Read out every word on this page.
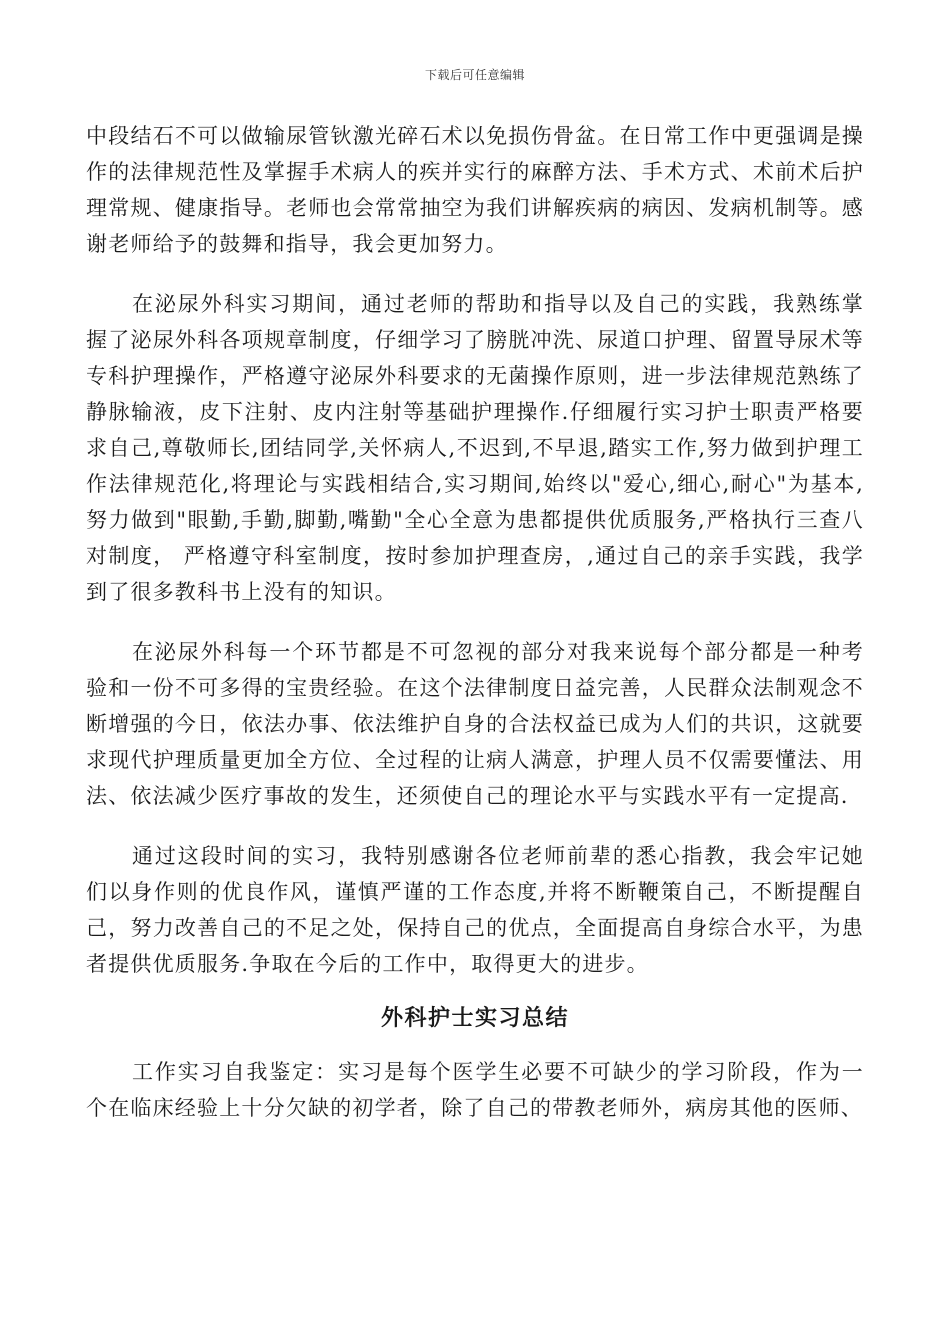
下载后可任意编辑

中段结石不可以做输尿管钬激光碎石术以免损伤骨盆。在日常工作中更强调是操作的法律规范性及掌握手术病人的疾并实行的麻醉方法、手术方式、术前术后护理常规、健康指导。老师也会常常抽空为我们讲解疾病的病因、发病机制等。感谢老师给予的鼓舞和指导，我会更加努力。

在泌尿外科实习期间，通过老师的帮助和指导以及自己的实践，我熟练掌握了泌尿外科各项规章制度，仔细学习了膀胱冲洗、尿道口护理、留置导尿术等专科护理操作，严格遵守泌尿外科要求的无菌操作原则，进一步法律规范熟练了静脉输液，皮下注射、皮内注射等基础护理操作.仔细履行实习护士职责严格要求自己,尊敬师长,团结同学,关怀病人,不迟到,不早退,踏实工作,努力做到护理工作法律规范化,将理论与实践相结合,实习期间,始终以"爱心,细心,耐心"为基本,努力做到"眼勤,手勤,脚勤,嘴勤"全心全意为患都提供优质服务,严格执行三查八对制度， 严格遵守科室制度，按时参加护理查房，,通过自己的亲手实践，我学到了很多教科书上没有的知识。

在泌尿外科每一个环节都是不可忽视的部分对我来说每个部分都是一种考验和一份不可多得的宝贵经验。在这个法律制度日益完善，人民群众法制观念不断增强的今日，依法办事、依法维护自身的合法权益已成为人们的共识，这就要求现代护理质量更加全方位、全过程的让病人满意，护理人员不仅需要懂法、用法、依法减少医疗事故的发生，还须使自己的理论水平与实践水平有一定提高.

通过这段时间的实习，我特别感谢各位老师前辈的悉心指教，我会牢记她们以身作则的优良作风，谨慎严谨的工作态度,并将不断鞭策自己，不断提醒自己，努力改善自己的不足之处，保持自己的优点，全面提高自身综合水平，为患者提供优质服务.争取在今后的工作中，取得更大的进步。

外科护士实习总结

工作实习自我鉴定：实习是每个医学生必要不可缺少的学习阶段，作为一个在临床经验上十分欠缺的初学者，除了自己的带教老师外，病房其他的医师、
